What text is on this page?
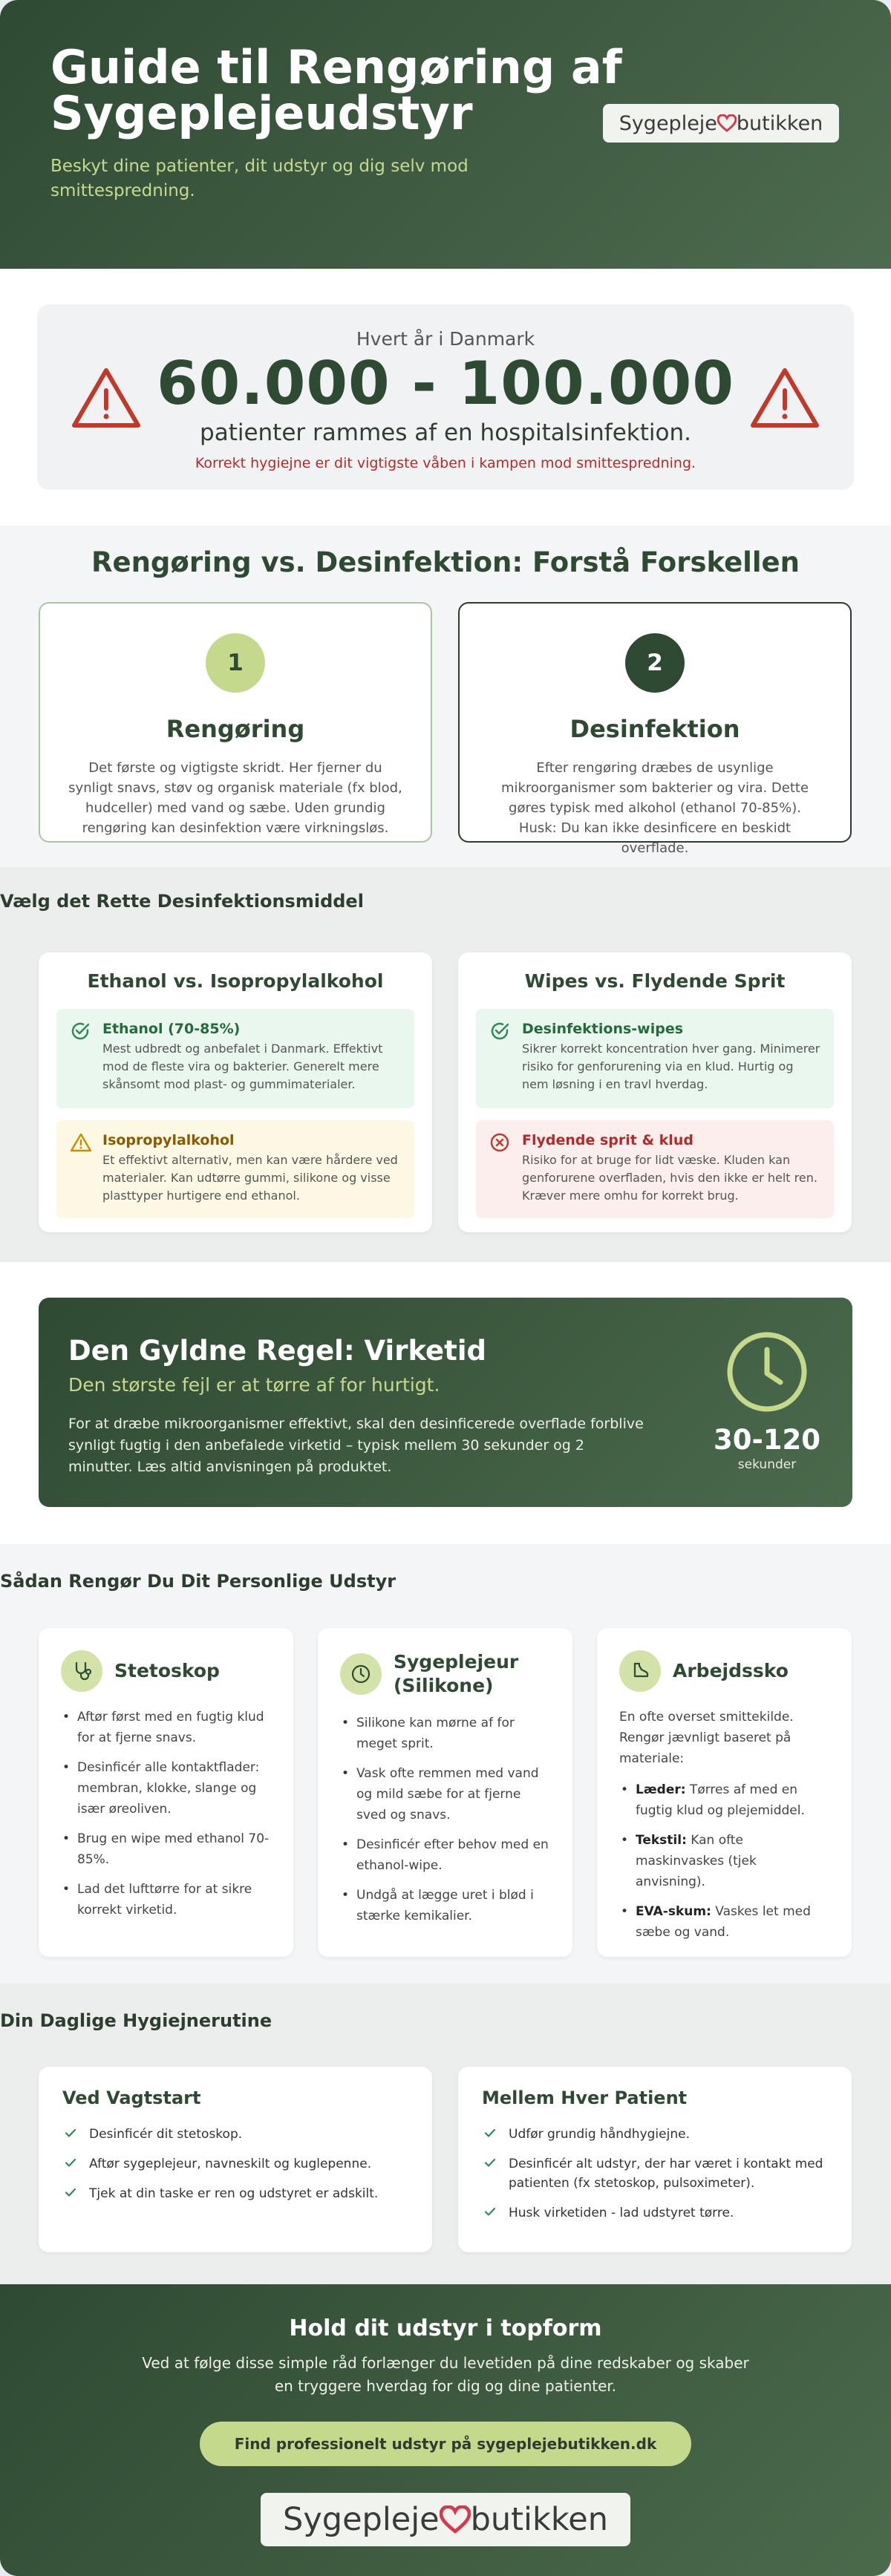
Guide til Rengøring af Sygeplejeudstyr
Beskyt dine patienter, dit udstyr og dig selv mod smittespredning.
Sygepleje butikken
Hvert år i Danmark
60.000 - 100.000
patienter rammes af en hospitalsinfektion.
Korrekt hygiejne er dit vigtigste våben i kampen mod smittespredning.
Rengøring vs. Desinfektion: Forstå Forskellen
1
Rengøring

Det første og vigtigste skridt. Her fjerner du synligt snavs, støv og organisk materiale (fx blod, hudceller) med vand og sæbe. Uden grundig rengøring kan desinfektion være virkningsløs.

2
Desinfektion

Efter rengøring dræbes de usynlige mikroorganismer som bakterier og vira. Dette gøres typisk med alkohol (ethanol 70-85%). Husk: Du kan ikke desinficere en beskidt overflade.

Vælg det Rette Desinfektionsmiddel
Ethanol vs. Isopropylalkohol
Ethanol (70-85%)
Mest udbredt og anbefalet i Danmark. Effektivt mod de fleste vira og bakterier. Generelt mere skånsomt mod plast- og gummimaterialer.
Isopropylalkohol
Et effektivt alternativ, men kan være hårdere ved materialer. Kan udtørre gummi, silikone og visse plasttyper hurtigere end ethanol.
Wipes vs. Flydende Sprit
Desinfektions-wipes
Sikrer korrekt koncentration hver gang. Minimerer risiko for genforurening via en klud. Hurtig og nem løsning i en travl hverdag.
Flydende sprit & klud
Risiko for at bruge for lidt væske. Kluden kan genforurene overfladen, hvis den ikke er helt ren. Kræver mere omhu for korrekt brug.
Den Gyldne Regel: Virketid
Den største fejl er at tørre af for hurtigt.

For at dræbe mikroorganismer effektivt, skal den desinficerede overflade forblive synligt fugtig i den anbefalede virketid – typisk mellem 30 sekunder og 2 minutter. Læs altid anvisningen på produktet.

30-120
sekunder
Sådan Rengør Du Dit Personlige Udstyr
Stetoskop
• Aftør først med en fugtig klud for at fjerne snavs.
• Desinficér alle kontaktflader: membran, klokke, slange og især øreoliven.
• Brug en wipe med ethanol 70-85%.
• Lad det lufttørre for at sikre korrekt virketid.
Sygeplejeur (Silikone)
• Silikone kan mørne af for meget sprit.
• Vask ofte remmen med vand og mild sæbe for at fjerne sved og snavs.
• Desinficér efter behov med en ethanol-wipe.
• Undgå at lægge uret i blød i stærke kemikalier.
Arbejdssko
En ofte overset smittekilde. Rengør jævnligt baseret på materiale:
• Læder: Tørres af med en fugtig klud og plejemiddel.
• Tekstil: Kan ofte maskinvaskes (tjek anvisning).
• EVA-skum: Vaskes let med sæbe og vand.
Din Daglige Hygiejnerutine
Ved Vagtstart
Desinficér dit stetoskop.
Aftør sygeplejeur, navneskilt og kuglepenne.
Tjek at din taske er ren og udstyret er adskilt.
Mellem Hver Patient
Udfør grundig håndhygiejne.
Desinficér alt udstyr, der har været i kontakt med patienten (fx stetoskop, pulsoximeter).
Husk virketiden - lad udstyret tørre.
Hold dit udstyr i topform

Ved at følge disse simple råd forlænger du levetiden på dine redskaber og skaber en tryggere hverdag for dig og dine patienter.

Find professionelt udstyr på sygeplejebutikken.dk
Sygepleje butikken
